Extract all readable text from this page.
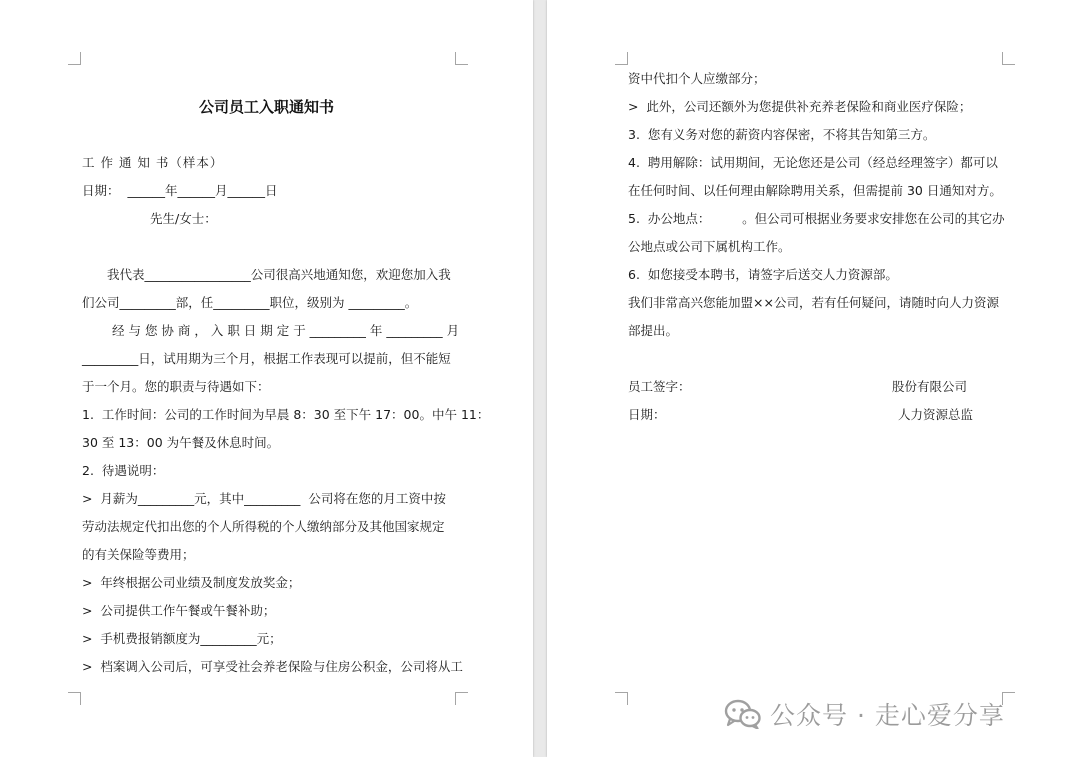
公司员工入职通知书
工 作 通 知 书（样本）
日期：  ______年______月______日
先生/女士：
我代表_________________公司很高兴地通知您，欢迎您加入我
们公司_________部，任_________职位，级别为 _________。
经 与 您 协 商 ， 入 职 日 期 定 于 _________ 年 _________ 月
_________日，试用期为三个月，根据工作表现可以提前，但不能短
于一个月。您的职责与待遇如下：
1.  工作时间：公司的工作时间为早晨 8：30 至下午 17：00。中午 11：
30 至 13：00 为午餐及休息时间。
2.  待遇说明：
>  月薪为_________元，其中_________  公司将在您的月工资中按
劳动法规定代扣出您的个人所得税的个人缴纳部分及其他国家规定
的有关保险等费用；
>  年终根据公司业绩及制度发放奖金；
>  公司提供工作午餐或午餐补助；
>  手机费报销额度为_________元；
>  档案调入公司后，可享受社会养老保险与住房公积金，公司将从工
资中代扣个人应缴部分；
>  此外，公司还额外为您提供补充养老保险和商业医疗保险；
3.  您有义务对您的薪资内容保密，不将其告知第三方。
4.  聘用解除：试用期间，无论您还是公司（经总经理签字）都可以
在任何时间、以任何理由解除聘用关系，但需提前 30 日通知对方。
5.  办公地点：        。但公司可根据业务要求安排您在公司的其它办
公地点或公司下属机构工作。
6.  如您接受本聘书，请签字后送交人力资源部。
我们非常高兴您能加盟××公司，若有任何疑问，请随时向人力资源
部提出。
员工签字：
日期：
股份有限公司
人力资源总监
公众号 · 走心爱分享
